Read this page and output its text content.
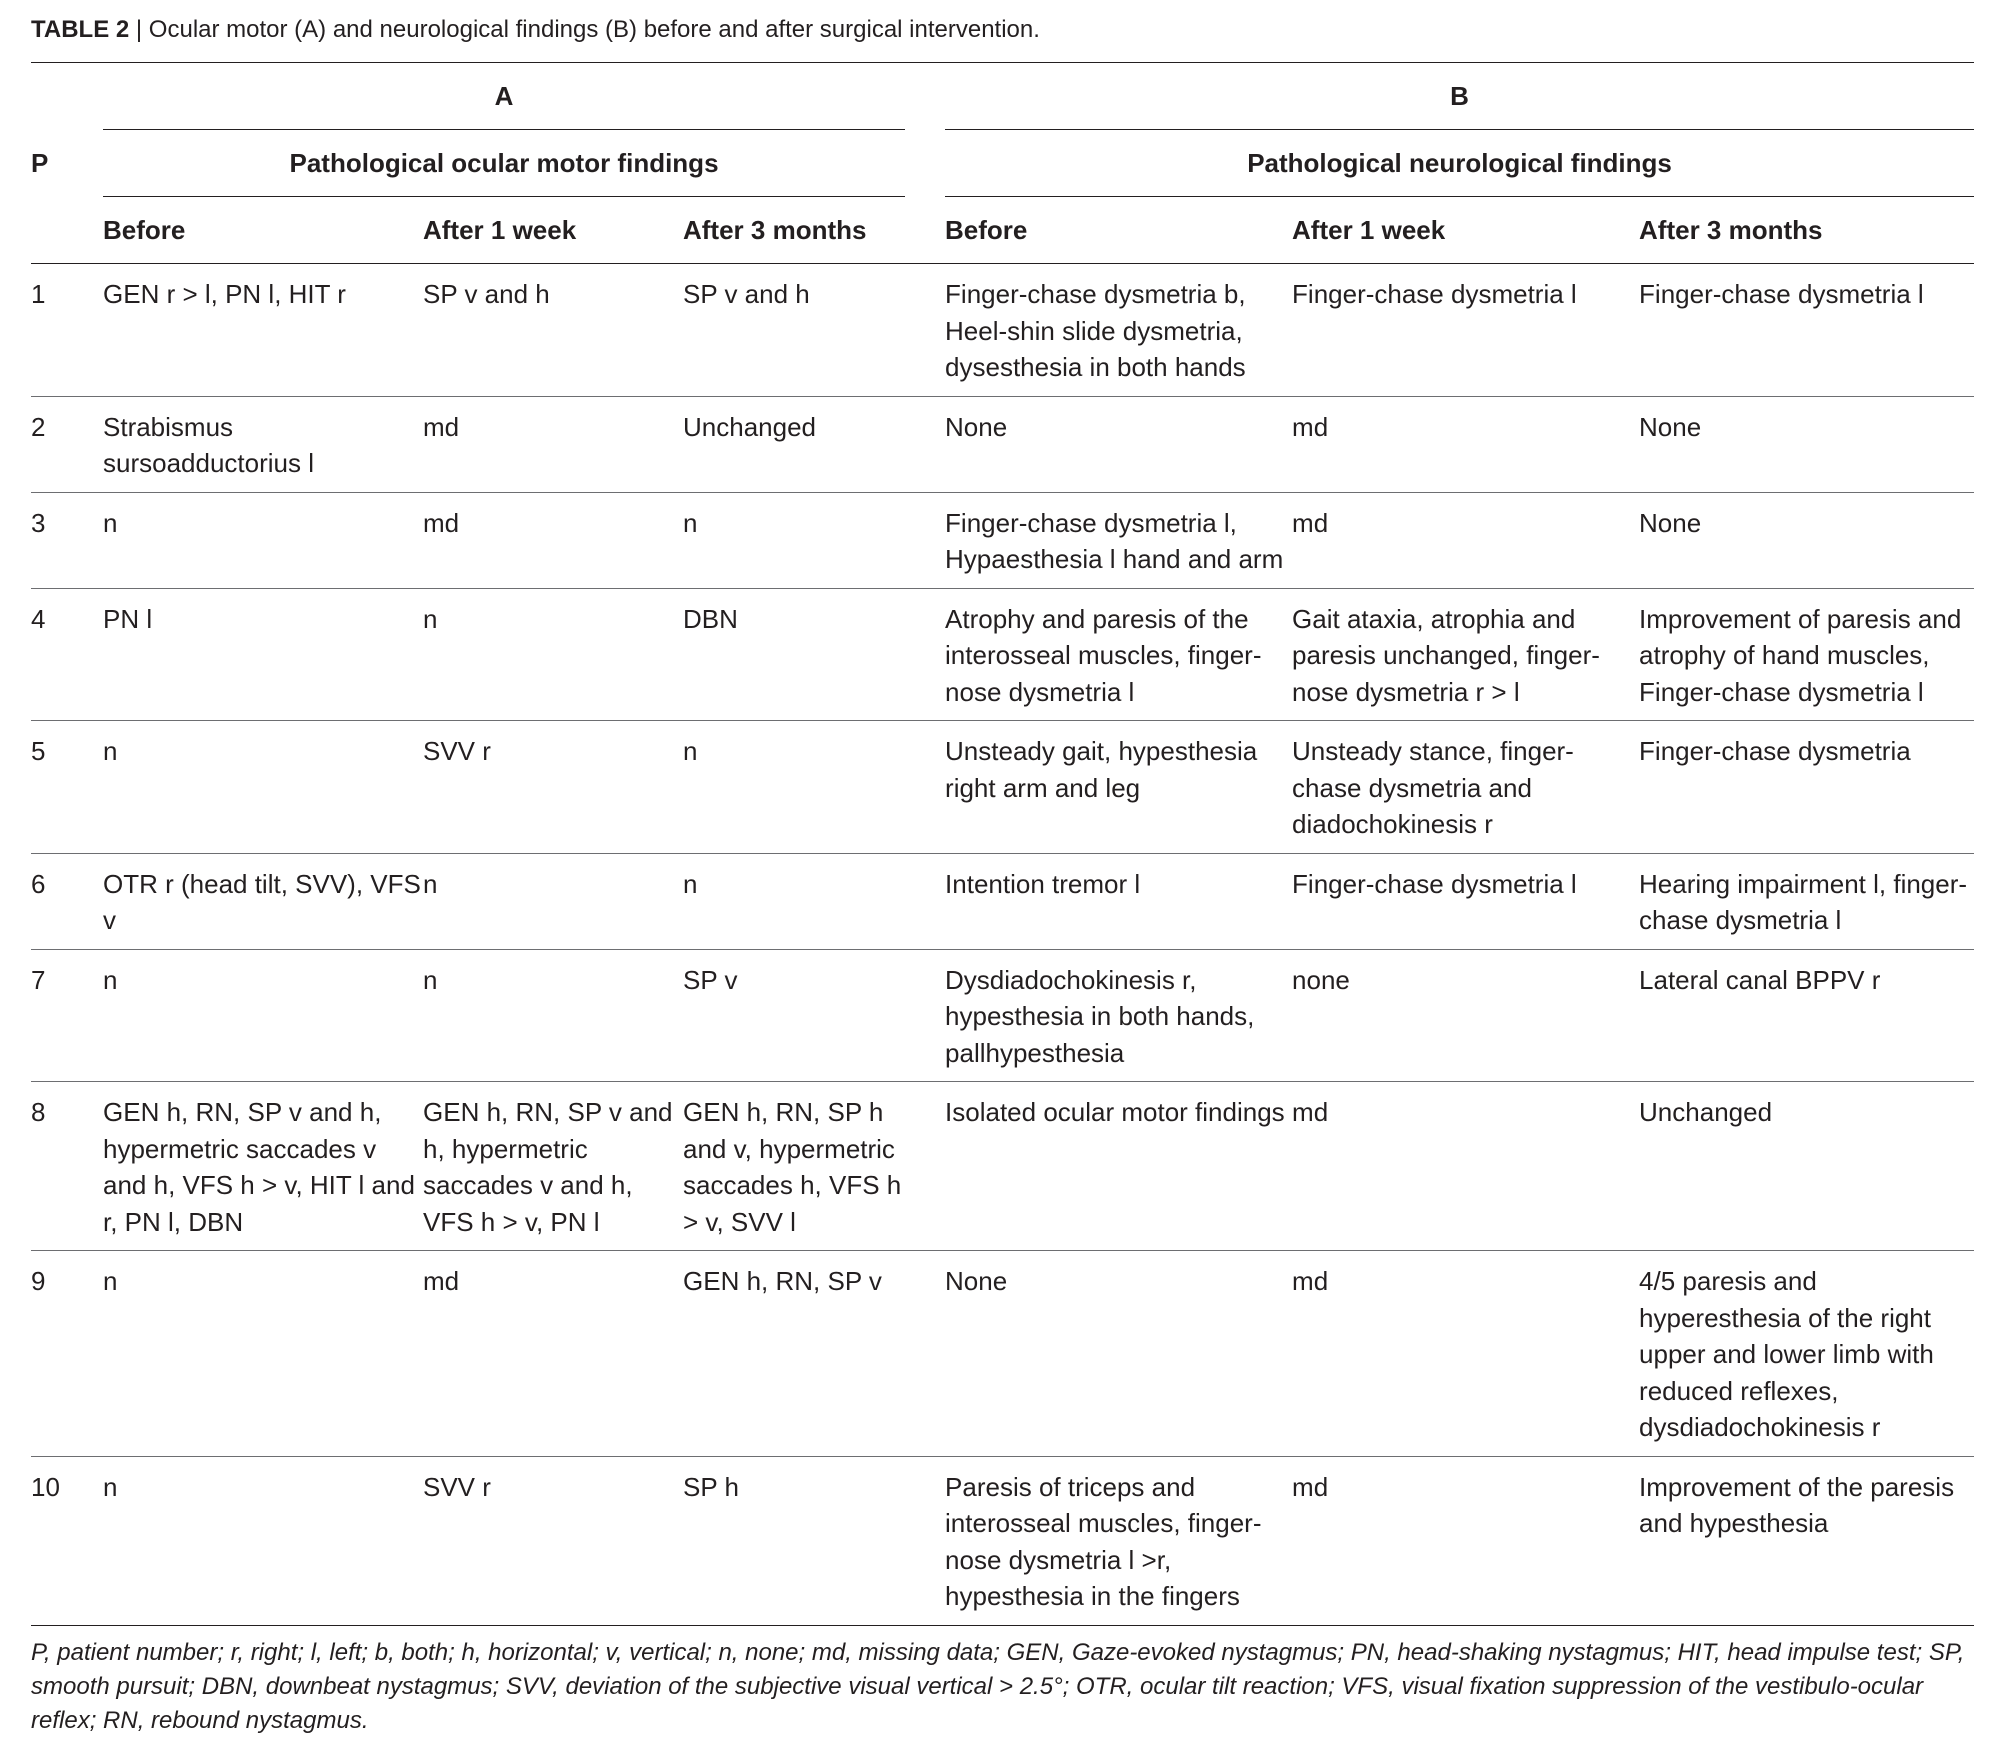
TABLE 2 | Ocular motor (A) and neurological findings (B) before and after surgical intervention.
	A				B		
P	Pathological ocular motor findings				Pathological neurological findings		
	Before	After 1 week	After 3 months		Before	After 1 week	After 3 months
1	GEN r > l, PN l, HIT r	SP v and h	SP v and h		Finger-chase dysmetria b, Heel-shin slide dysmetria, dysesthesia in both hands	Finger-chase dysmetria l	Finger-chase dysmetria l
2	Strabismus sursoadductorius l	md	Unchanged		None	md	None
3	n	md	n		Finger-chase dysmetria l, Hypaesthesia l hand and arm	md	None
4	PN l	n	DBN		Atrophy and paresis of the interosseal muscles, finger-nose dysmetria l	Gait ataxia, atrophia and paresis unchanged, finger-nose dysmetria r > l	Improvement of paresis and atrophy of hand muscles, Finger-chase dysmetria l
5	n	SVV r	n		Unsteady gait, hypesthesia right arm and leg	Unsteady stance, finger-chase dysmetria and diadochokinesis r	Finger-chase dysmetria
6	OTR r (head tilt, SVV), VFS v	n	n		Intention tremor l	Finger-chase dysmetria l	Hearing impairment l, finger-chase dysmetria l
7	n	n	SP v		Dysdiadochokinesis r, hypesthesia in both hands, pallhypesthesia	none	Lateral canal BPPV r
8	GEN h, RN, SP v and h, hypermetric saccades v and h, VFS h > v, HIT l and r, PN l, DBN	GEN h, RN, SP v and h, hypermetric saccades v and h, VFS h > v, PN l	GEN h, RN, SP h and v, hypermetric saccades h, VFS h > v, SVV l		Isolated ocular motor findings	md	Unchanged
9	n	md	GEN h, RN, SP v		None	md	4/5 paresis and hyperesthesia of the right upper and lower limb with reduced reflexes, dysdiadochokinesis r
10	n	SVV r	SP h		Paresis of triceps and interosseal muscles, finger-nose dysmetria l >r, hypesthesia in the fingers	md	Improvement of the paresis and hypesthesia
P, patient number; r, right; l, left; b, both; h, horizontal; v, vertical; n, none; md, missing data; GEN, Gaze-evoked nystagmus; PN, head-shaking nystagmus; HIT, head impulse test; SP, smooth pursuit; DBN, downbeat nystagmus; SVV, deviation of the subjective visual vertical > 2.5°; OTR, ocular tilt reaction; VFS, visual fixation suppression of the vestibulo-ocular reflex; RN, rebound nystagmus.
